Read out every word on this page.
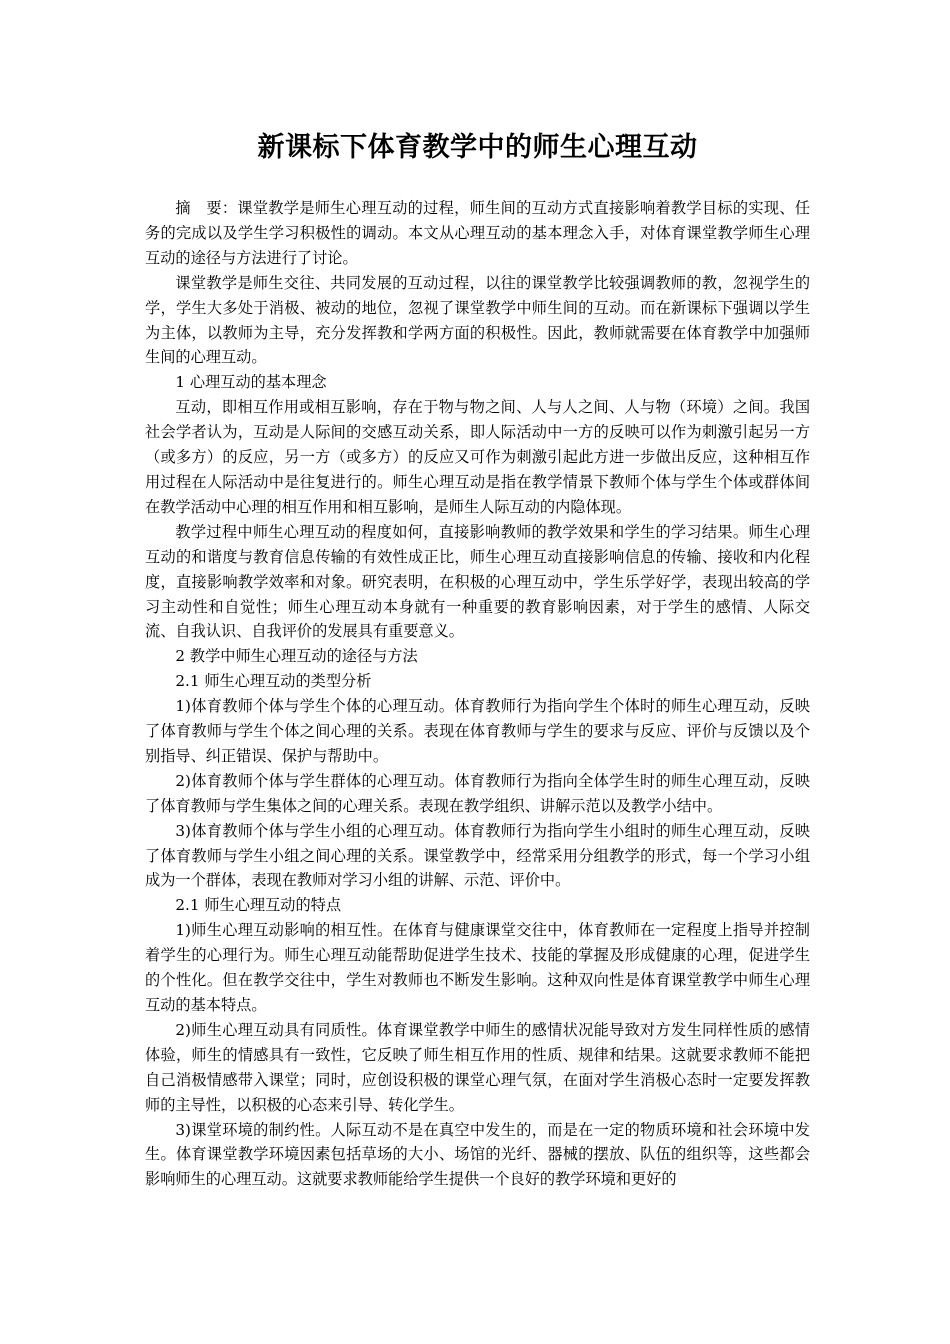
新课标下体育教学中的师生心理互动

摘　要：课堂教学是师生心理互动的过程，师生间的互动方式直接影响着教学目标的实现、任务的完成以及学生学习积极性的调动。本文从心理互动的基本理念入手，对体育课堂教学师生心理互动的途径与方法进行了讨论。

课堂教学是师生交往、共同发展的互动过程，以往的课堂教学比较强调教师的教，忽视学生的学，学生大多处于消极、被动的地位，忽视了课堂教学中师生间的互动。而在新课标下强调以学生为主体，以教师为主导，充分发挥教和学两方面的积极性。因此，教师就需要在体育教学中加强师生间的心理互动。

1 心理互动的基本理念

互动，即相互作用或相互影响，存在于物与物之间、人与人之间、人与物（环境）之间。我国社会学者认为，互动是人际间的交感互动关系，即人际活动中一方的反映可以作为刺激引起另一方（或多方）的反应，另一方（或多方）的反应又可作为刺激引起此方进一步做出反应，这种相互作用过程在人际活动中是往复进行的。师生心理互动是指在教学情景下教师个体与学生个体或群体间在教学活动中心理的相互作用和相互影响，是师生人际互动的内隐体现。

教学过程中师生心理互动的程度如何，直接影响教师的教学效果和学生的学习结果。师生心理互动的和谐度与教育信息传输的有效性成正比，师生心理互动直接影响信息的传输、接收和内化程度，直接影响教学效率和对象。研究表明，在积极的心理互动中，学生乐学好学，表现出较高的学习主动性和自觉性；师生心理互动本身就有一种重要的教育影响因素，对于学生的感情、人际交流、自我认识、自我评价的发展具有重要意义。

2 教学中师生心理互动的途径与方法

2.1 师生心理互动的类型分析

1)体育教师个体与学生个体的心理互动。体育教师行为指向学生个体时的师生心理互动，反映了体育教师与学生个体之间心理的关系。表现在体育教师与学生的要求与反应、评价与反馈以及个别指导、纠正错误、保护与帮助中。

2)体育教师个体与学生群体的心理互动。体育教师行为指向全体学生时的师生心理互动，反映了体育教师与学生集体之间的心理关系。表现在教学组织、讲解示范以及教学小结中。

3)体育教师个体与学生小组的心理互动。体育教师行为指向学生小组时的师生心理互动，反映了体育教师与学生小组之间心理的关系。课堂教学中，经常采用分组教学的形式，每一个学习小组成为一个群体，表现在教师对学习小组的讲解、示范、评价中。

2.1 师生心理互动的特点

1)师生心理互动影响的相互性。在体育与健康课堂交往中，体育教师在一定程度上指导并控制着学生的心理行为。师生心理互动能帮助促进学生技术、技能的掌握及形成健康的心理，促进学生的个性化。但在教学交往中，学生对教师也不断发生影响。这种双向性是体育课堂教学中师生心理互动的基本特点。

2)师生心理互动具有同质性。体育课堂教学中师生的感情状况能导致对方发生同样性质的感情体验，师生的情感具有一致性，它反映了师生相互作用的性质、规律和结果。这就要求教师不能把自己消极情感带入课堂；同时，应创设积极的课堂心理气氛，在面对学生消极心态时一定要发挥教师的主导性，以积极的心态来引导、转化学生。

3)课堂环境的制约性。人际互动不是在真空中发生的，而是在一定的物质环境和社会环境中发生。体育课堂教学环境因素包括草场的大小、场馆的光纤、器械的摆放、队伍的组织等，这些都会影响师生的心理互动。这就要求教师能给学生提供一个良好的教学环境和更好的
